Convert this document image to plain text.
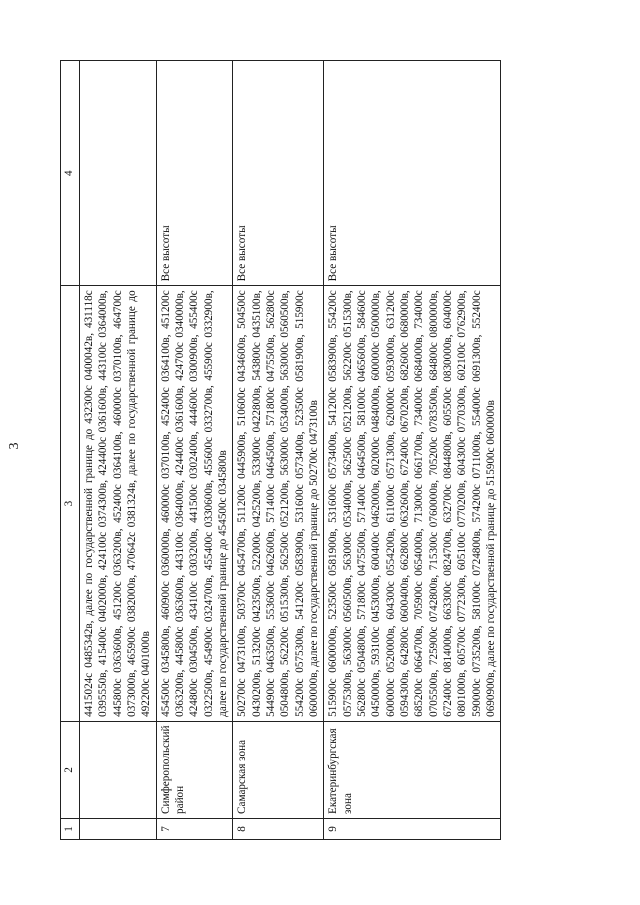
3
1	2	3	4
		4415024с 0485342в, далее по государственной границе до 432300с 0400042в, 431118с 0395550в, 415400с 0402000в, 424100с 0374300в, 424400с 0361600в, 443100с 0364000в, 445800с 0363600в, 451200с 0363200в, 452400с 0364100в, 460000с 0370100в, 464700с 0373000в, 465900с 0382000в, 470642с 0381324в, далее по государственной границе до 492200с 0401000в	
7	Симферопольский район	454500с 0345800в, 460900с 0360000в, 460000с 0370100в, 452400с 0364100в, 451200с 0363200в, 445800с 0363600в, 443100с 0364000в, 424400с 0361600в, 424700с 0340000в, 424800с 0304500в, 434100с 0303200в, 441500с 0302400в, 444600с 0300900в, 455400с 0322500в, 454900с 0324700в, 455400с 0330600в, 455600с 0332700в, 455900с 0332900в, далее по государственной границе до 454500с 0345800в	Все высоты
8	Самарская зона	502700с 0473100в, 503700с 0454700в, 511200с 0445900в, 510600с 0434600в, 504500с 0430200в, 513200с 0423500в, 522000с 0425200в, 533000с 0422800в, 543800с 0435100в, 544900с 0463500в, 553600с 0462600в, 571400с 0464500в, 571800с 0475500в, 562800с 0504800в, 562200с 0515300в, 562500с 0521200в, 563000с 0534000в, 563000с 0560500в, 554200с 0575300в, 541200с 0583900в, 531600с 0573400в, 523500с 0581900в, 515900с 0600000в, далее по государственной границе до 502700с 0473100в	Все высоты
9	Екатеринбургская зона	515900с 0600000в, 523500с 0581900в, 531600с 0573400в, 541200с 0583900в, 554200с 0575300в, 563000с 0560500в, 563000с 0534000в, 562500с 0521200в, 562200с 0515300в, 562800с 0504800в, 571800с 0475500в, 571400с 0464500в, 581000с 0465600в, 584600с 0450000в, 593100с 0453000в, 600400с 0462000в, 602000с 0484000в, 600000с 0500000в, 600000с 0520000в, 604300с 0554200в, 611000с 0571300в, 620000с 0593000в, 631200с 0594300в, 642800с 0600400в, 662800с 0632600в, 672400с 0670200в, 682600с 0680000в, 685200с 0664700в, 705900с 0654000в, 713000с 0661700в, 734000с 0684000в, 734000с 0705500в, 725900с 0742800в, 715300с 0760000в, 705200с 0783500в, 684800с 0800000в, 672400с 0814000в, 663300с 0824700в, 632700с 0844800в, 605500с 0830000в, 604000с 0801000в, 605700с 0772300в, 605100с 0770200в, 604300с 0770300в, 602100с 0762900в, 590000с 0735200в, 581000с 0724800в, 574200с 0711000в, 554000с 0691300в, 552400с 0690900в, далее по государственной границе до 515900с 0600000в	Все высоты
